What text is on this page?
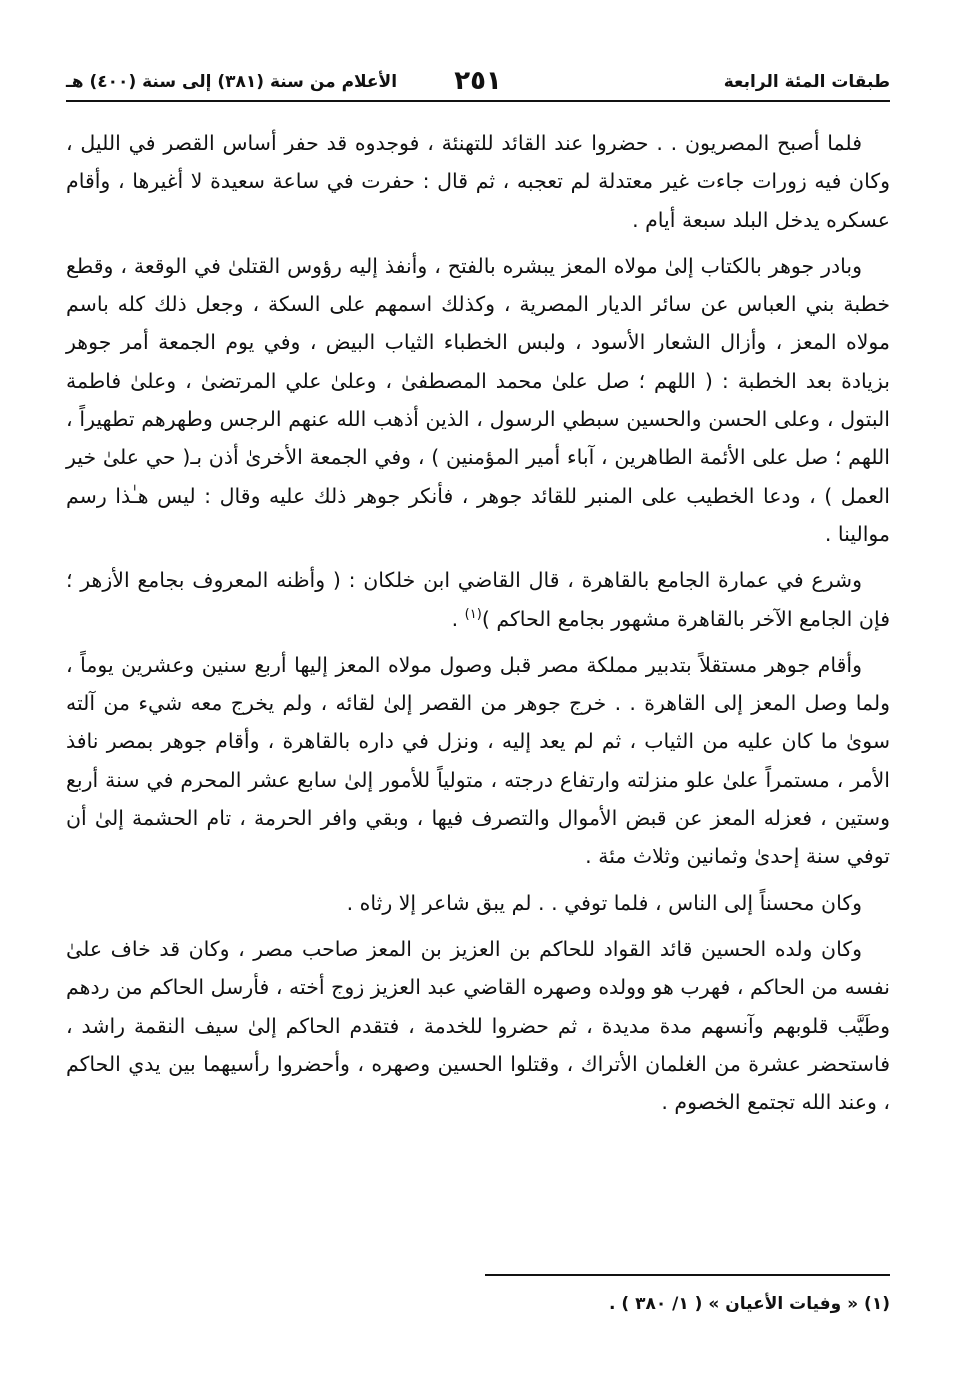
طبقات المئة الرابعة
٢٥١
الأعلام من سنة (٣٨١) إلى سنة (٤٠٠) هـ

فلما أصبح المصريون . . حضروا عند القائد للتهنئة ، فوجدوه قد حفر أساس القصر في الليل ، وكان فيه زورات جاءت غير معتدلة لم تعجبه ، ثم قال : حفرت في ساعة سعيدة لا أغيرها ، وأقام عسكره يدخل البلد سبعة أيام .

وبادر جوهر بالكتاب إلىٰ مولاه المعز يبشره بالفتح ، وأنفذ إليه رؤوس القتلىٰ في الوقعة ، وقطع خطبة بني العباس عن سائر الديار المصرية ، وكذلك اسمهم على السكة ، وجعل ذلك كله باسم مولاه المعز ، وأزال الشعار الأسود ، ولبس الخطباء الثياب البيض ، وفي يوم الجمعة أمر جوهر بزيادة بعد الخطبة : ( اللهم ؛ صل علىٰ محمد المصطفىٰ ، وعلىٰ علي المرتضىٰ ، وعلىٰ فاطمة البتول ، وعلى الحسن والحسين سبطي الرسول ، الذين أذهب الله عنهم الرجس وطهرهم تطهيراً ، اللهم ؛ صل على الأئمة الطاهرين ، آباء أمير المؤمنين ) ، وفي الجمعة الأخرىٰ أذن بـ( حي علىٰ خير العمل ) ، ودعا الخطيب على المنبر للقائد جوهر ، فأنكر جوهر ذلك عليه وقال : ليس هـٰذا رسم موالينا .

وشرع في عمارة الجامع بالقاهرة ، قال القاضي ابن خلكان : ( وأظنه المعروف بجامع الأزهر ؛ فإن الجامع الآخر بالقاهرة مشهور بجامع الحاكم )$^{(١)}$ .

وأقام جوهر مستقلاً بتدبير مملكة مصر قبل وصول مولاه المعز إليها أربع سنين وعشرين يوماً ، ولما وصل المعز إلى القاهرة . . خرج جوهر من القصر إلىٰ لقائه ، ولم يخرج معه شيء من آلته سوىٰ ما كان عليه من الثياب ، ثم لم يعد إليه ، ونزل في داره بالقاهرة ، وأقام جوهر بمصر نافذ الأمر ، مستمراً علىٰ علو منزلته وارتفاع درجته ، متولياً للأمور إلىٰ سابع عشر المحرم في سنة أربع وستين ، فعزله المعز عن قبض الأموال والتصرف فيها ، وبقي وافر الحرمة ، تام الحشمة إلىٰ أن توفي سنة إحدىٰ وثمانين وثلاث مئة .

وكان محسناً إلى الناس ، فلما توفي . . لم يبق شاعر إلا رثاه .

وكان ولده الحسين قائد القواد للحاكم بن العزيز بن المعز صاحب مصر ، وكان قد خاف علىٰ نفسه من الحاكم ، فهرب هو وولده وصهره القاضي عبد العزيز زوج أخته ، فأرسل الحاكم من ردهم وطَيَّب قلوبهم وآنسهم مدة مديدة ، ثم حضروا للخدمة ، فتقدم الحاكم إلىٰ سيف النقمة راشد ، فاستحضر عشرة من الغلمان الأتراك ، وقتلوا الحسين وصهره ، وأحضروا رأسيهما بين يدي الحاكم ، وعند الله تجتمع الخصوم .

(١) « وفيات الأعيان » ( ١/ ٣٨٠ ) .
